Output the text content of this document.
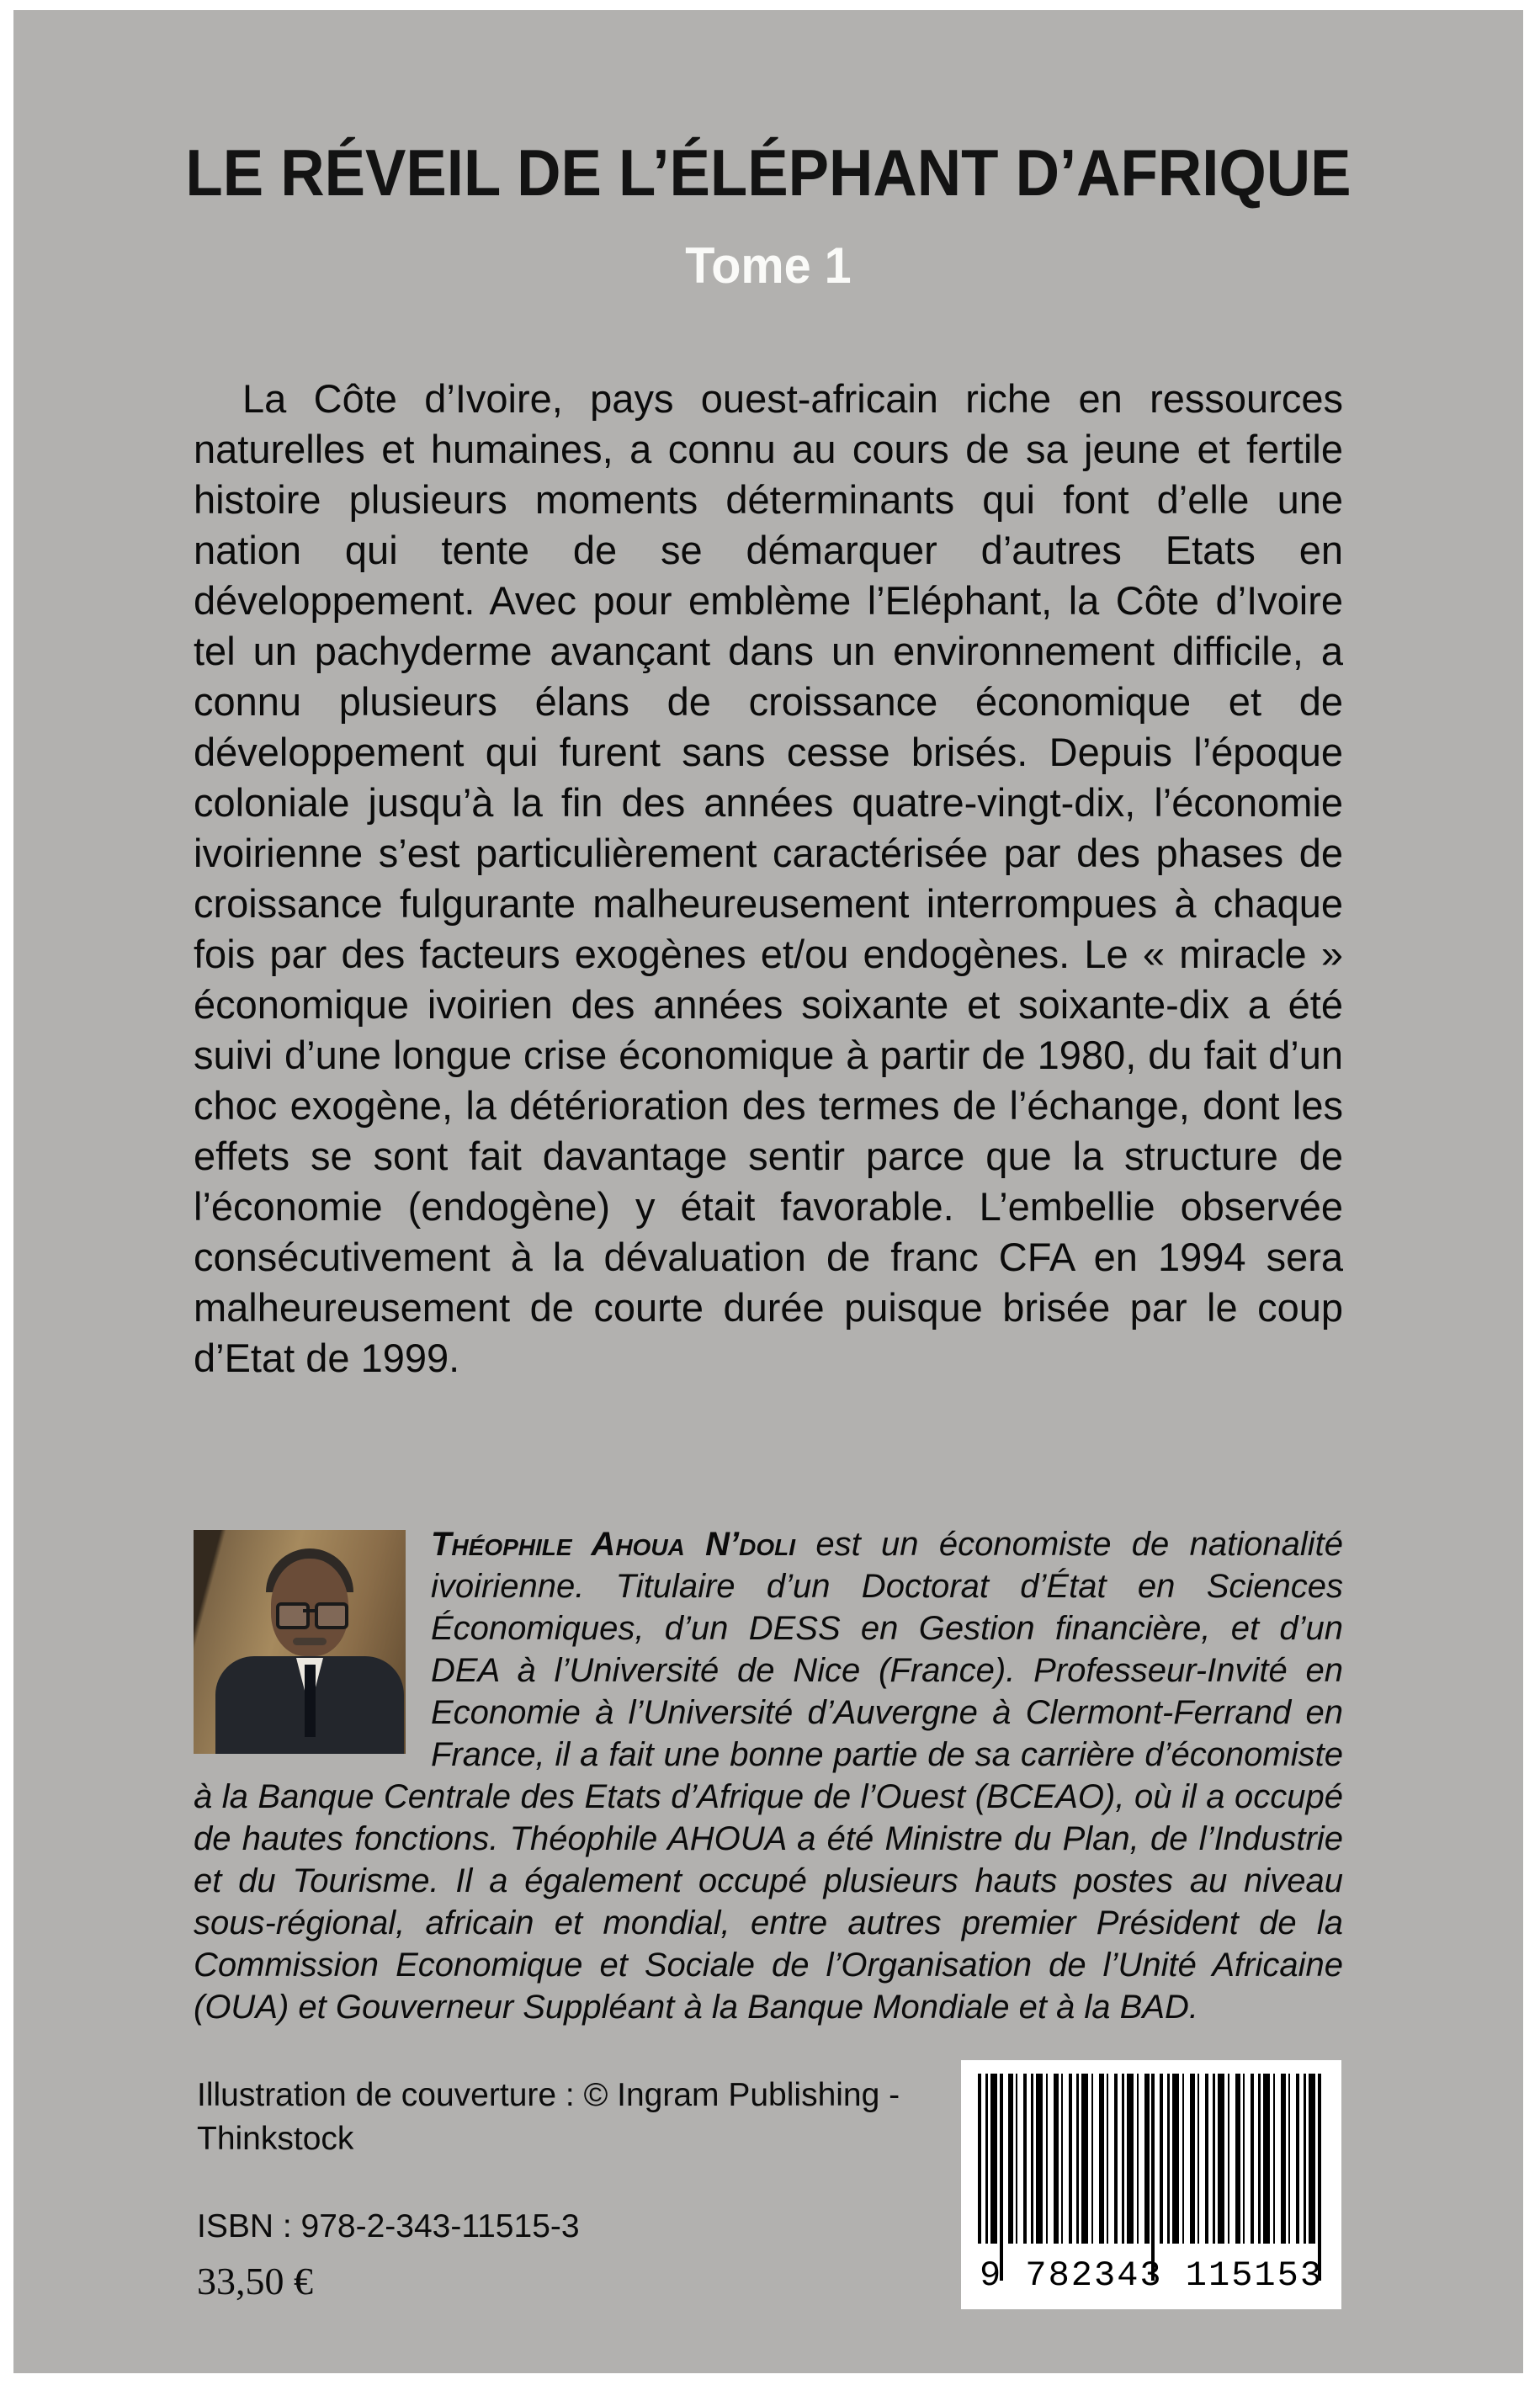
LE RÉVEIL DE L’ÉLÉPHANT D’AFRIQUE
Tome 1

La Côte d’Ivoire, pays ouest-africain riche en ressources naturelles et humaines, a connu au cours de sa jeune et fertile histoire plusieurs moments déterminants qui font d’elle une nation qui tente de se démarquer d’autres Etats en développement. Avec pour emblème l’Eléphant, la Côte d’Ivoire tel un pachyderme avançant dans un environnement difficile, a connu plusieurs élans de croissance économique et de développement qui furent sans cesse brisés. Depuis l’époque coloniale jusqu’à la fin des années quatre-vingt-dix, l’économie ivoirienne s’est particulièrement caractérisée par des phases de croissance fulgurante malheureusement interrompues à chaque fois par des facteurs exogènes et/ou endogènes. Le « miracle » économique ivoirien des années soixante et soixante-dix a été suivi d’une longue crise économique à partir de 1980, du fait d’un choc exogène, la détérioration des termes de l’échange, dont les effets se sont fait davantage sentir parce que la structure de l’économie (endogène) y était favorable. L’embellie observée consécutivement à la dévaluation de franc CFA en 1994 sera malheureusement de courte durée puisque brisée par le coup d’Etat de 1999.

Théophile Ahoua N’doli est un économiste de nationalité ivoirienne. Titulaire d’un Doctorat d’État en Sciences Économiques, d’un DESS en Gestion financière, et d’un DEA à l’Université de Nice (France). Professeur-Invité en Economie à l’Université d’Auvergne à Clermont-Ferrand en France, il a fait une bonne partie de sa carrière d’économiste à la Banque Centrale des Etats d’Afrique de l’Ouest (BCEAO), où il a occupé de hautes fonctions. Théophile AHOUA a été Ministre du Plan, de l’Industrie et du Tourisme. Il a également occupé plusieurs hauts postes au niveau sous-régional, africain et mondial, entre autres premier Président de la Commission Economique et Sociale de l’Organisation de l’Unité Africaine (OUA) et Gouverneur Suppléant à la Banque Mondiale et à la BAD.

Illustration de couverture : © Ingram Publishing -
Thinkstock
ISBN : 978-2-343-11515-3
33,50 €	9 782343 115153
